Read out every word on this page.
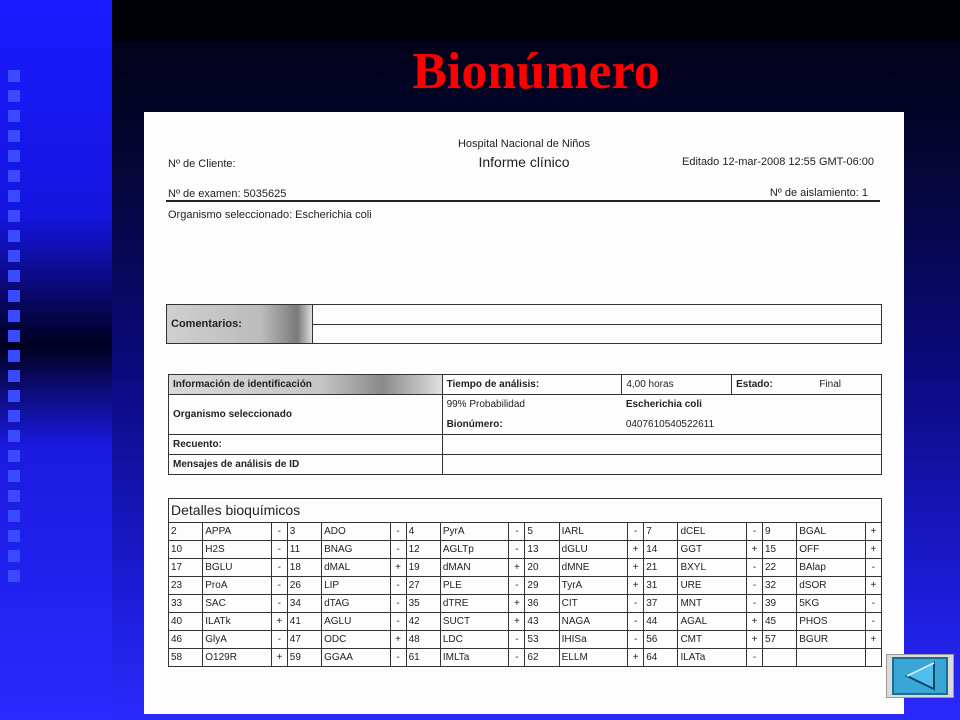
Bionúmero
Hospital Nacional de Niños
Informe clínico
Nº de Cliente:	Editado 12-mar-2008 12:55 GMT-06:00
Nº de examen: 5035625	Nº de aislamiento: 1
Organismo seleccionado: Escherichia coli
Comentarios:
Información de identificación	Tiempo de análisis:	4,00 horas	Estado: Final

Organismo seleccionado	99% Probabilidad	Escherichia coli	
	Bionúmero:	0407610540522611	
Recuento:			
Mensajes de análisis de ID			
Detalles bioquímicos
2	APPA	-	3	ADO	-	4	PyrA	-	5	IARL	-	7	dCEL	-	9	BGAL	+
10	H2S	-	11	BNAG	-	12	AGLTp	-	13	dGLU	+	14	GGT	+	15	OFF	+
17	BGLU	-	18	dMAL	+	19	dMAN	+	20	dMNE	+	21	BXYL	-	22	BAlap	-
23	ProA	-	26	LIP	-	27	PLE	-	29	TyrA	+	31	URE	-	32	dSOR	+
33	SAC	-	34	dTAG	-	35	dTRE	+	36	CIT	-	37	MNT	-	39	5KG	-
40	ILATk	+	41	AGLU	-	42	SUCT	+	43	NAGA	-	44	AGAL	+	45	PHOS	-
46	GlyA	-	47	ODC	+	48	LDC	-	53	IHISa	-	56	CMT	+	57	BGUR	+
58	O129R	+	59	GGAA	-	61	IMLTa	-	62	ELLM	+	64	ILATa	-			
